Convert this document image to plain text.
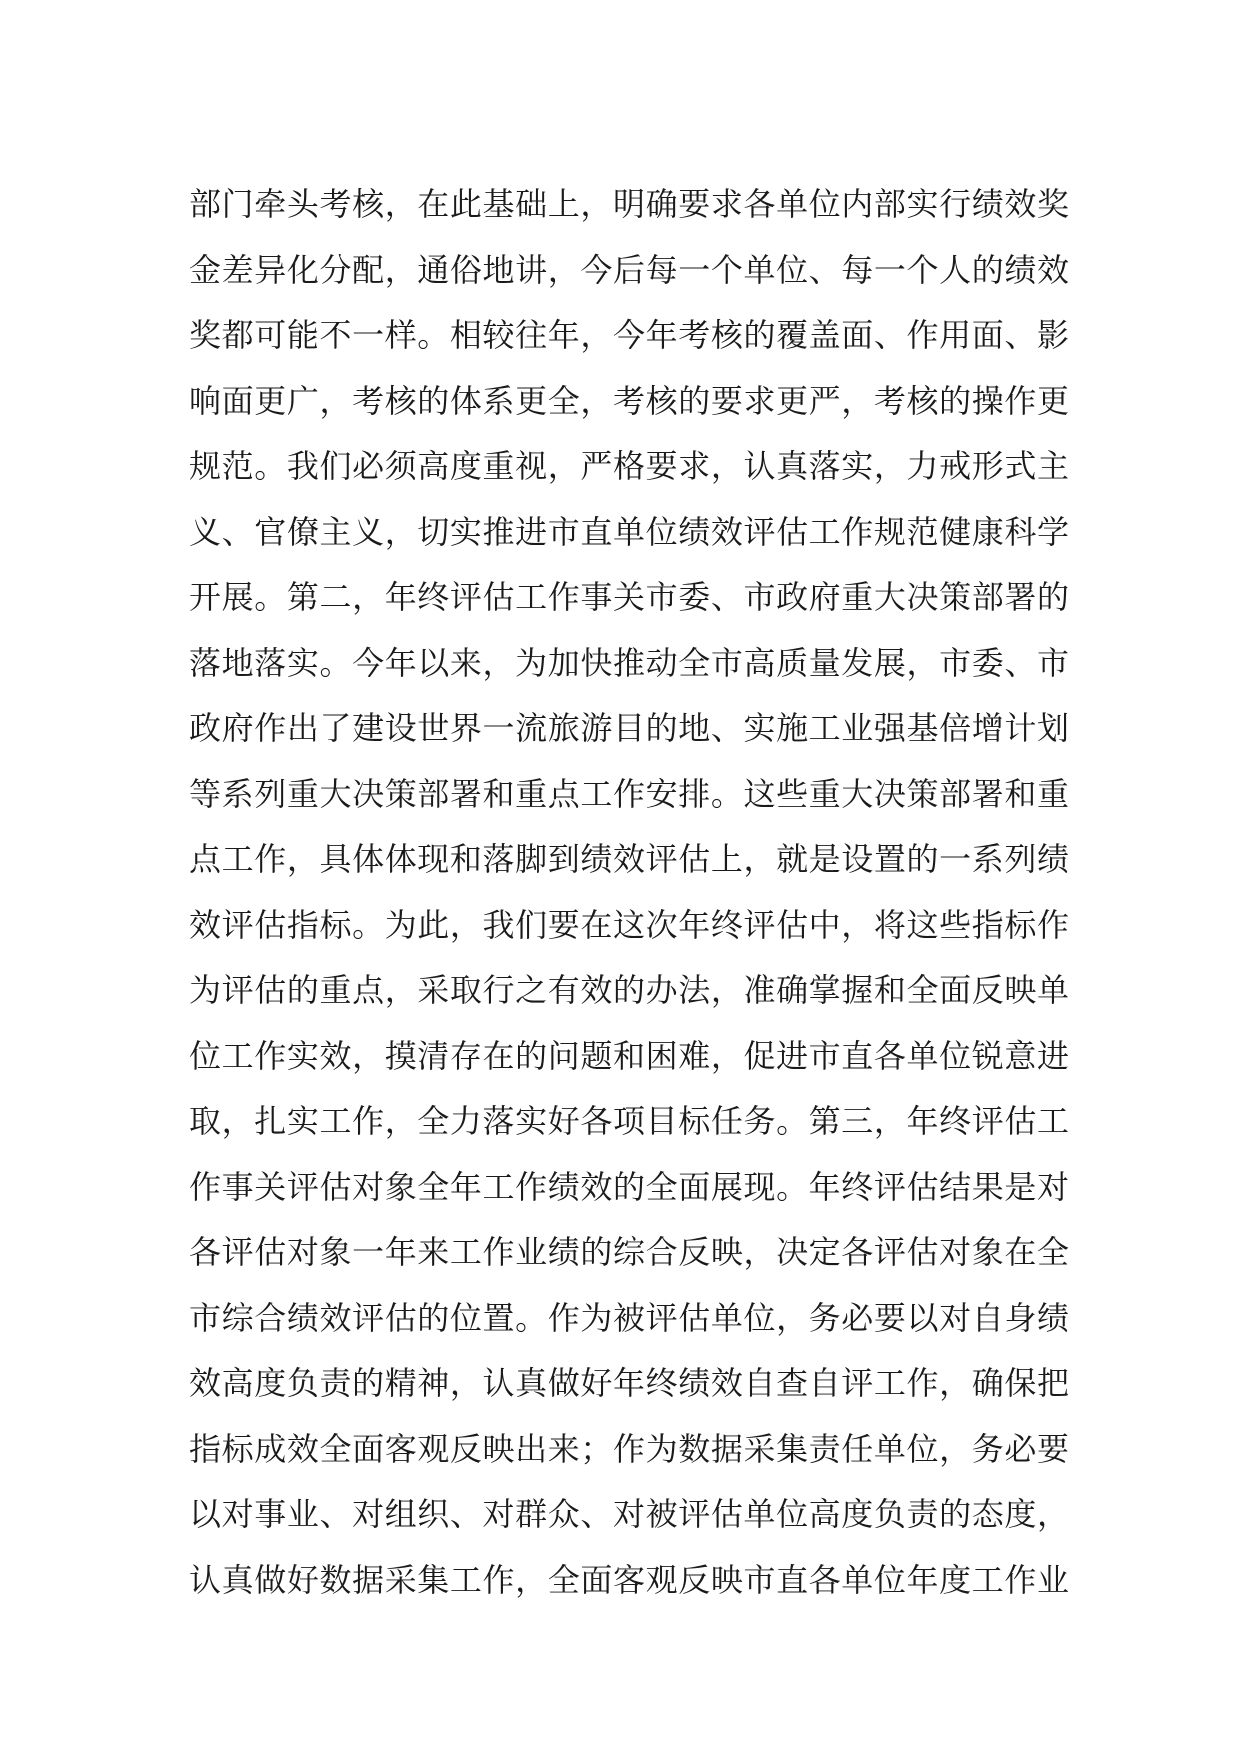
部门牵头考核，在此基础上，明确要求各单位内部实行绩效奖
金差异化分配，通俗地讲，今后每一个单位、每一个人的绩效
奖都可能不一样。相较往年，今年考核的覆盖面、作用面、影
响面更广，考核的体系更全，考核的要求更严，考核的操作更
规范。我们必须高度重视，严格要求，认真落实，力戒形式主
义、官僚主义，切实推进市直单位绩效评估工作规范健康科学
开展。第二，年终评估工作事关市委、市政府重大决策部署的
落地落实。今年以来，为加快推动全市高质量发展，市委、市
政府作出了建设世界一流旅游目的地、实施工业强基倍增计划
等系列重大决策部署和重点工作安排。这些重大决策部署和重
点工作，具体体现和落脚到绩效评估上，就是设置的一系列绩
效评估指标。为此，我们要在这次年终评估中，将这些指标作
为评估的重点，采取行之有效的办法，准确掌握和全面反映单
位工作实效，摸清存在的问题和困难，促进市直各单位锐意进
取，扎实工作，全力落实好各项目标任务。第三，年终评估工
作事关评估对象全年工作绩效的全面展现。年终评估结果是对
各评估对象一年来工作业绩的综合反映，决定各评估对象在全
市综合绩效评估的位置。作为被评估单位，务必要以对自身绩
效高度负责的精神，认真做好年终绩效自查自评工作，确保把
指标成效全面客观反映出来；作为数据采集责任单位，务必要
以对事业、对组织、对群众、对被评估单位高度负责的态度，
认真做好数据采集工作，全面客观反映市直各单位年度工作业
